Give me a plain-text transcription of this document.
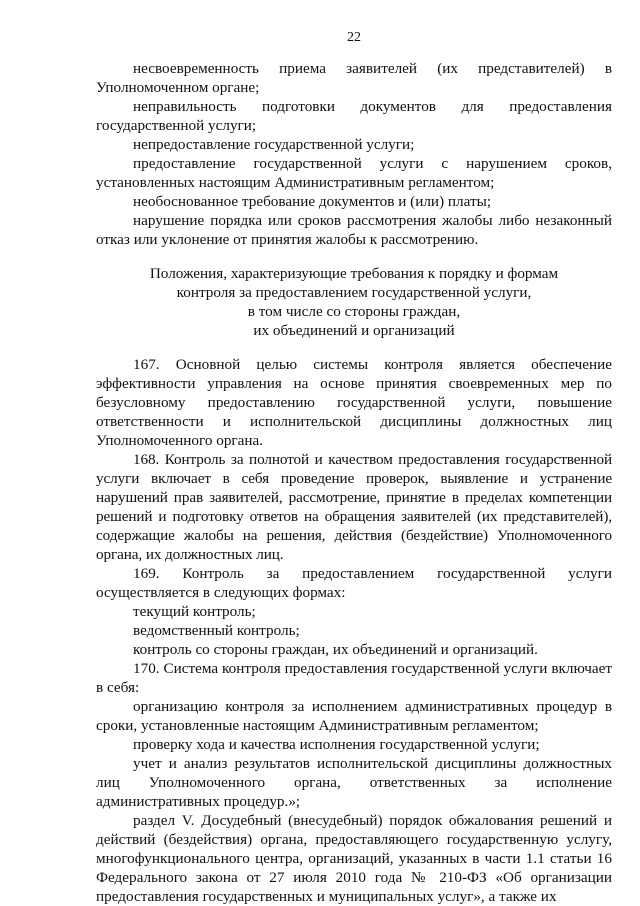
22

несвоевременность приема заявителей (их представителей) в Уполномоченном органе;

неправильность подготовки документов для предоставления государственной услуги;

непредоставление государственной услуги;

предоставление государственной услуги с нарушением сроков, установленных настоящим Административным регламентом;

необоснованное требование документов и (или) платы;

нарушение порядка или сроков рассмотрения жалобы либо незаконный отказ или уклонение от принятия жалобы к рассмотрению.

Положения, характеризующие требования к порядку и формам
контроля за предоставлением государственной услуги,
в том числе со стороны граждан,
их объединений и организаций

167. Основной целью системы контроля является обеспечение эффективности управления на основе принятия своевременных мер по безусловному предоставлению государственной услуги, повышение ответственности и исполнительской дисциплины должностных лиц Уполномоченного органа.

168. Контроль за полнотой и качеством предоставления государственной услуги включает в себя проведение проверок, выявление и устранение нарушений прав заявителей, рассмотрение, принятие в пределах компетенции решений и подготовку ответов на обращения заявителей (их представителей), содержащие жалобы на решения, действия (бездействие) Уполномоченного органа, их должностных лиц.

169. Контроль за предоставлением государственной услуги осуществляется в следующих формах:

текущий контроль;

ведомственный контроль;

контроль со стороны граждан, их объединений и организаций.

170. Система контроля предоставления государственной услуги включает в себя:

организацию контроля за исполнением административных процедур в сроки, установленные настоящим Административным регламентом;

проверку хода и качества исполнения государственной услуги;

учет и анализ результатов исполнительской дисциплины должностных лиц Уполномоченного органа, ответственных за исполнение административных процедур.»;

раздел V. Досудебный (внесудебный) порядок обжалования решений и действий (бездействия) органа, предоставляющего государственную услугу, многофункционального центра, организаций, указанных в части 1.1 статьи 16 Федерального закона от 27 июля 2010 года № 210-ФЗ «Об организации предоставления государственных и муниципальных услуг», а также их
